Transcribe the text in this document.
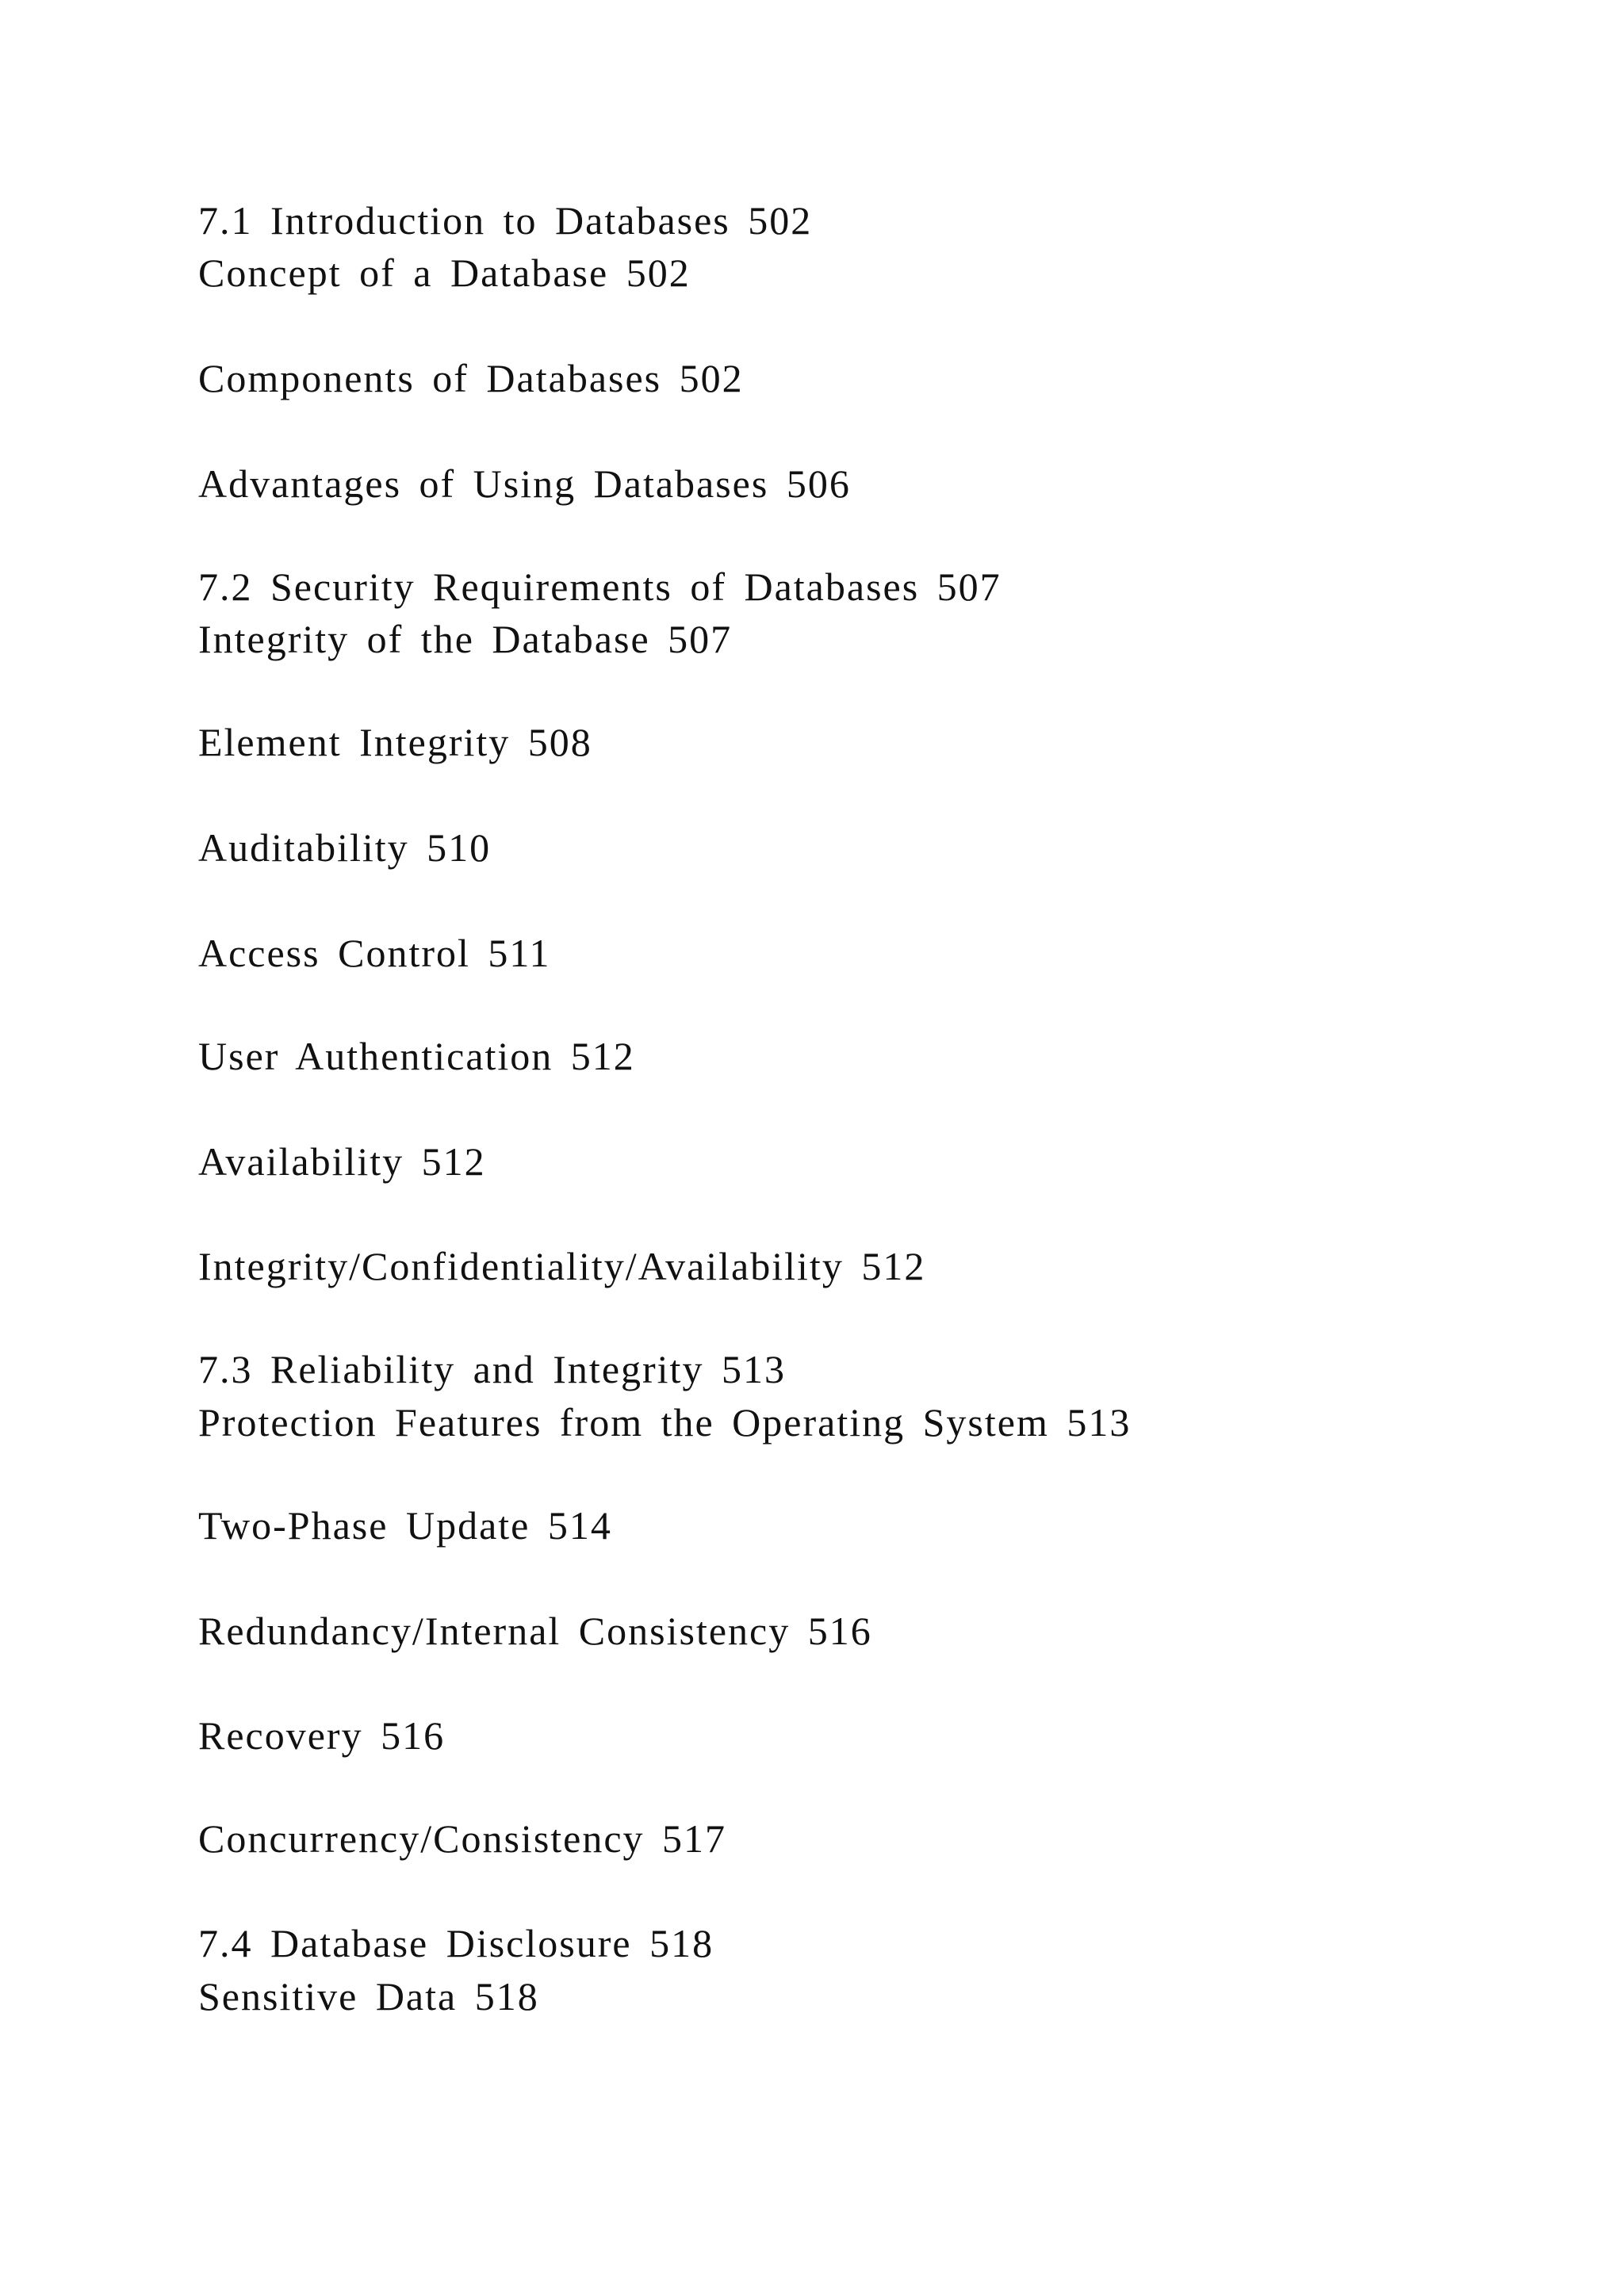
7.1 Introduction to Databases 502

Concept of a Database 502

Components of Databases 502

Advantages of Using Databases 506

7.2 Security Requirements of Databases 507

Integrity of the Database 507

Element Integrity 508

Auditability 510

Access Control 511

User Authentication 512

Availability 512

Integrity/Confidentiality/Availability 512

7.3 Reliability and Integrity 513

Protection Features from the Operating System 513

Two-Phase Update 514

Redundancy/Internal Consistency 516

Recovery 516

Concurrency/Consistency 517

7.4 Database Disclosure 518

Sensitive Data 518
